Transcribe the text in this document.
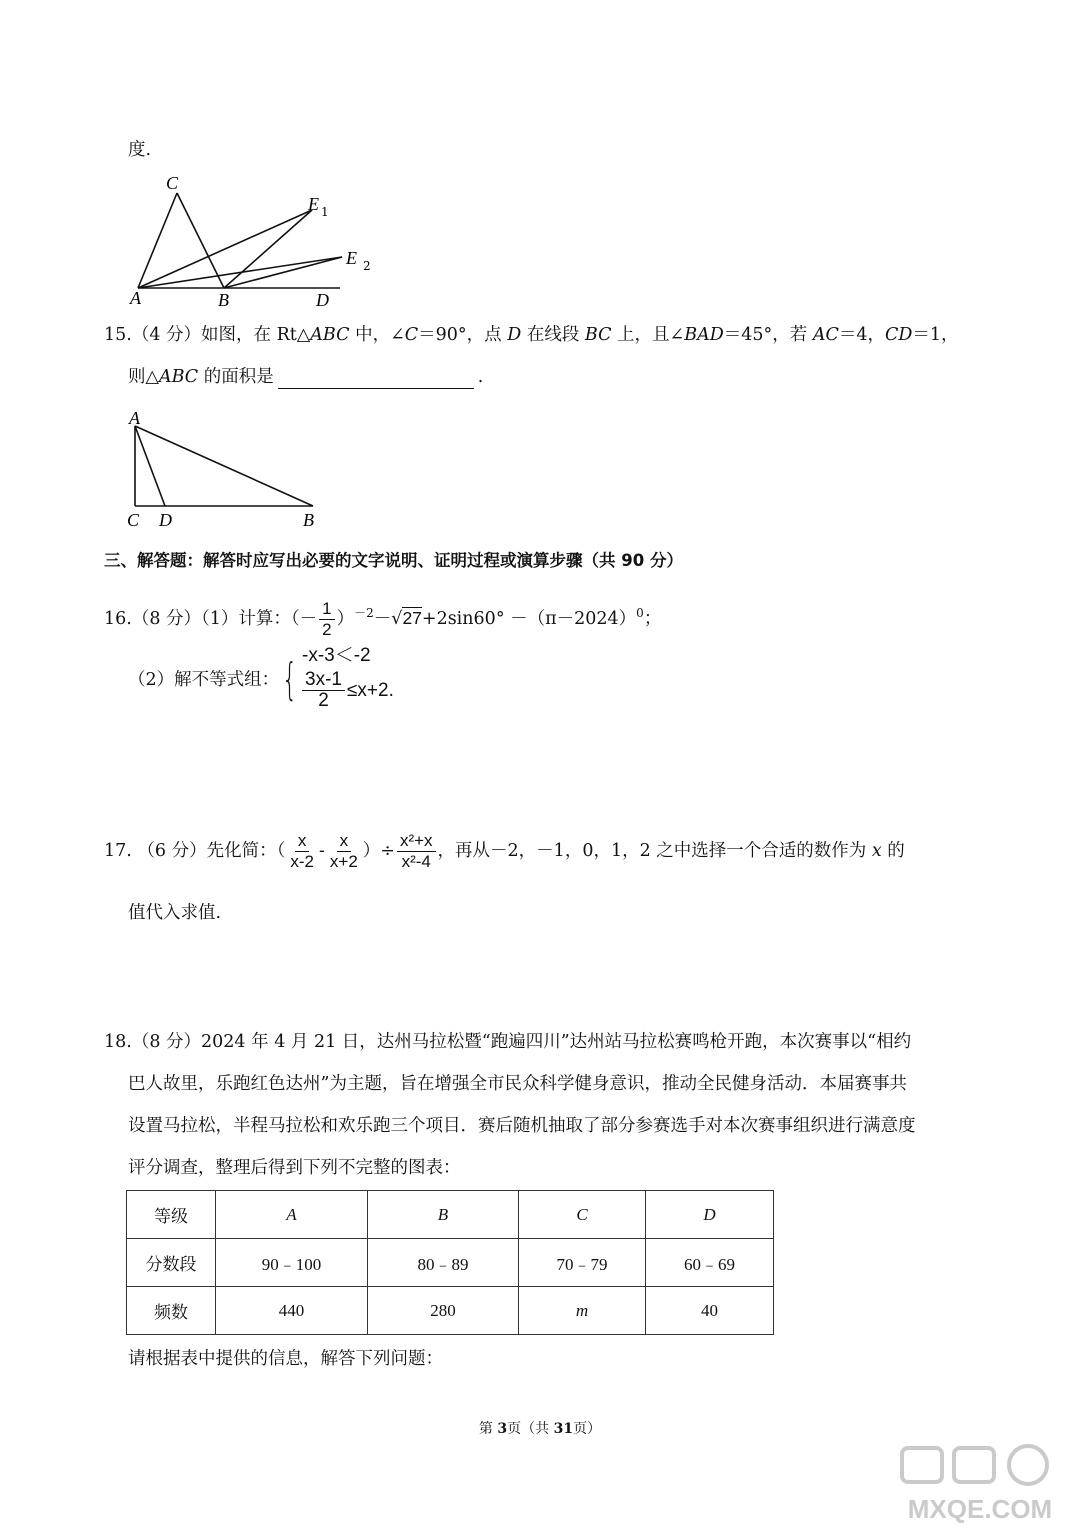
度.
C
A	B	D
E 1
E 2
15.（4 分）如图，在 Rt△ABC 中，∠C＝90°，点 D 在线段 BC 上，且∠BAD＝45°，若 AC＝4，CD＝1，
则△ABC 的面积是	.
A
C D	B
三、解答题：解答时应写出必要的文字说明、证明过程或演算步骤（共 90 分）
16.（8 分）（1）计算：（－ $\frac{1}{2} )^{-2}-√27+2\sin 60^\circ -(\pi-2024)^0$；
（2）解不等式组： { -x-3＜-2
$\frac{3x-1}{2} \le x+2$ .
17. （6 分）先化简：（ $\frac{x}{x-2} - \frac{x}{x+2}$ ）÷ $\frac{\text{x²+x}}{\text{x²-4}}$ ，再从－2，－1，0，1，2 之中选择一个合适的数作为 x 的
值代入求值.
18.（8 分）2024 年 4 月 21 日，达州马拉松暨“跑遍四川”达州站马拉松赛鸣枪开跑，本次赛事以“相约
巴人故里，乐跑红色达州”为主题，旨在增强全市民众科学健身意识，推动全民健身活动．本届赛事共
设置马拉松，半程马拉松和欢乐跑三个项目．赛后随机抽取了部分参赛选手对本次赛事组织进行满意度
评分调查，整理后得到下列不完整的图表：
等级	A	B	C	D
分数段	90﹣100	80﹣89	70﹣79	60﹣69
频数	440	280	m	40
请根据表中提供的信息，解答下列问题：
第 3页（共 31页）
MXQE.COM
